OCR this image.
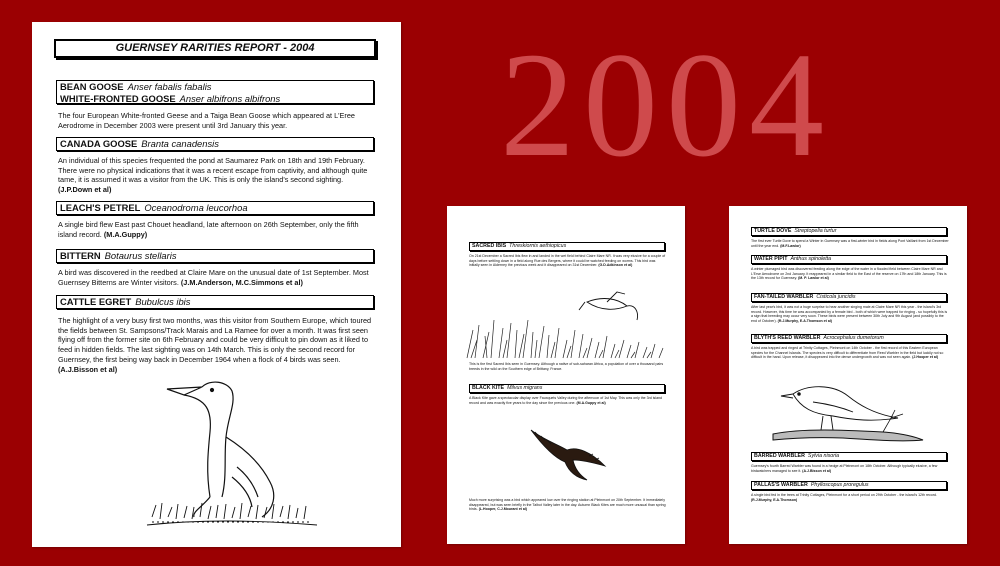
2004
GUERNSEY RARITIES REPORT - 2004
BEAN GOOSE Anser fabalis fabalis
WHITE-FRONTED GOOSE Anser albifrons albifrons
The four European White-fronted Geese and a Taiga Bean Goose which appeared at L'Eree Aerodrome in December 2003 were present until 3rd January this year.
CANADA GOOSE Branta canadensis
An individual of this species frequented the pond at Saumarez Park on 18th and 19th February. There were no physical indications that it was a recent escape from captivity, and although quite tame, it is assumed it was a visitor from the UK. This is only the island's second sighting. (J.P.Down et al)
LEACH'S PETREL Oceanodroma leucorhoa
A single bird flew East past Chouet headland, late afternoon on 26th September, only the fifth island record. (M.A.Guppy)
BITTERN Botaurus stellaris
A bird was discovered in the reedbed at Claire Mare on the unusual date of 1st September. Most Guernsey Bitterns are Winter visitors. (J.M.Anderson, M.C.Simmons et al)
CATTLE EGRET Bubulcus ibis
The highlight of a very busy first two months, was this visitor from Southern Europe, which toured the fields between St. Sampsons/Track Marais and La Ramee for over a month. It was first seen flying off from the former site on 6th February and could be very difficult to pin down as it liked to feed in hidden fields. The last sighting was on 14th March. This is only the second record for Guernsey, the first being way back in December 1964 when a flock of 4 birds was seen. (A.J.Bisson et al)
SACRED IBIS Threskiornis aethiopicus
On 21st December a Sacred Ibis flew in and landed in the wet field behind Claire Mare NR. It was very elusive for a couple of days before settling down in a field along Rue des Bergers, where it could be watched feeding on worms. This bird was initially seen in Alderney the previous week and it disappeared on 31st December. (G.D.Adkinson et al)
This is the first Sacred Ibis seen in Guernsey. Although a native of sub-saharan Africa, a population of over a thousand pairs breeds in the wild on the Southern edge of Brittany, France.
BLACK KITE Milvus migrans
A Black Kite gave a spectacular display over Fauxquets Valley during the afternoon of 1st May. This was only the 3rd island record and was exactly five years to the day since the previous one. (M.A.Guppy et al)
Much more surprising was a bird which appeared low over the ringing station at Pleinmont on 20th September. It immediately disappeared, but was seen briefly in the Talbot Valley later in the day. Autumn Black Kites are much more unusual than spring birds. (L.Hooper, C.J.Mourant et al)
TURTLE DOVE Streptopelia turtur
The first ever Turtle Dove to spend a Winter in Guernsey was a first-winter bird in fields along Pont Vaillant from 1st December until the year end. (M.F.Lawlor)
WATER PIPIT Anthus spinoletta
A winter plumaged bird was discovered feeding along the edge of the water in a flooded field between Claire Mare NR and L'Erse Aerodrome on 2nd January. It reappeared in a similar field to the East of the reserve on 17th and 18th January. This is the 13th record for Guernsey. (M. P. Lawlor et al)
FAN-TAILED WARBLER Cisticola juncidis
After last year's bird, it was not a huge surprise to hear another singing male at Claire Mare NR this year - the island's 3rd record. However, this time he was accompanied by a female bird - both of which were trapped for ringing - so hopefully this is a sign that breeding may occur very soon. These birds were present between 30th July and 9th August (and possibly to the end of October). (R.J.Murphy, E.A.Thomson et al)
BLYTH'S REED WARBLER Acrocephalus dumetorum
A bird was trapped and ringed at Trinity Cottages, Pleinmont on 14th October - the first record of this Eastern European species for the Channel Islands. The species is very difficult to differentiate from Reed Warbler in the field but luckily not so difficult in the hand. Upon release, it disappeared into the dense undergrowth and was not seen again. (J.Hooper et al)
BARRED WARBLER Sylvia nisoria
Guernsey's fourth Barred Warbler was found in a hedge at Pleinmont on 18th October. Although typically elusive, a few birdwatchers managed to see it. (A.J.Bisson et al)
PALLAS'S WARBLER Phylloscopus proregulus
A single bird fed in the trees at Trinity Cottages, Pleinmont for a short period on 29th October - the island's 12th record. (R.J.Murphy, E.A.Thomson)
